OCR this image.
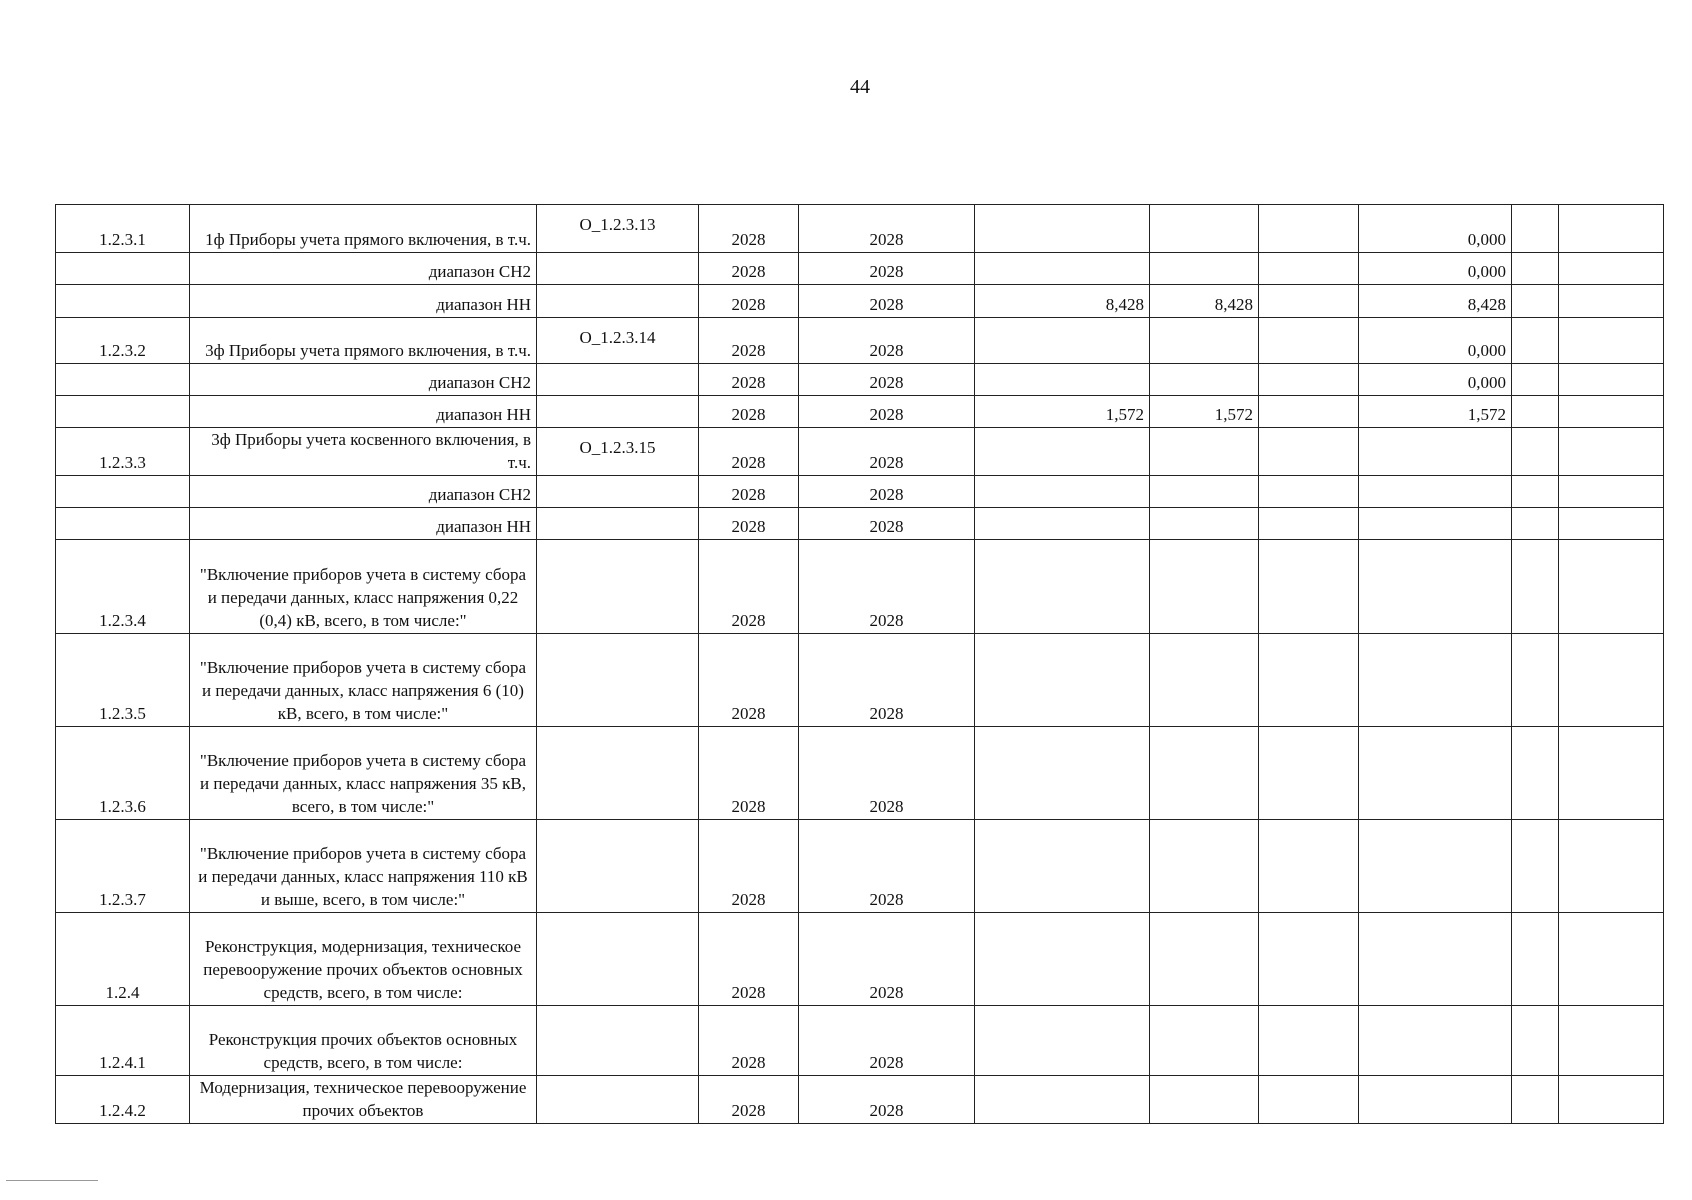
44
1.2.3.1	1ф Приборы учета прямого включения, в т.ч.	О_1.2.3.13	2028	2028				0,000		
	диапазон СН2		2028	2028				0,000		
	диапазон НН		2028	2028	8,428	8,428		8,428		
1.2.3.2	3ф Приборы учета прямого включения, в т.ч.	О_1.2.3.14	2028	2028				0,000		
	диапазон СН2		2028	2028				0,000		
	диапазон НН		2028	2028	1,572	1,572		1,572		
1.2.3.3	3ф Приборы учета косвенного включения, в т.ч.	О_1.2.3.15	2028	2028						
	диапазон СН2		2028	2028						
	диапазон НН		2028	2028						
1.2.3.4	"Включение приборов учета в систему сбора и передачи данных, класс напряжения 0,22 (0,4) кВ, всего, в том числе:"		2028	2028						
1.2.3.5	"Включение приборов учета в систему сбора и передачи данных, класс напряжения 6 (10) кВ, всего, в том числе:"		2028	2028						
1.2.3.6	"Включение приборов учета в систему сбора и передачи данных, класс напряжения 35 кВ, всего, в том числе:"		2028	2028						
1.2.3.7	"Включение приборов учета в систему сбора и передачи данных, класс напряжения 110 кВ и выше, всего, в том числе:"		2028	2028						
1.2.4	Реконструкция, модернизация, техническое перевооружение прочих объектов основных средств, всего, в том числе:		2028	2028						
1.2.4.1	Реконструкция прочих объектов основных средств, всего, в том числе:		2028	2028						
1.2.4.2	Модернизация, техническое перевооружение прочих объектов		2028	2028						
